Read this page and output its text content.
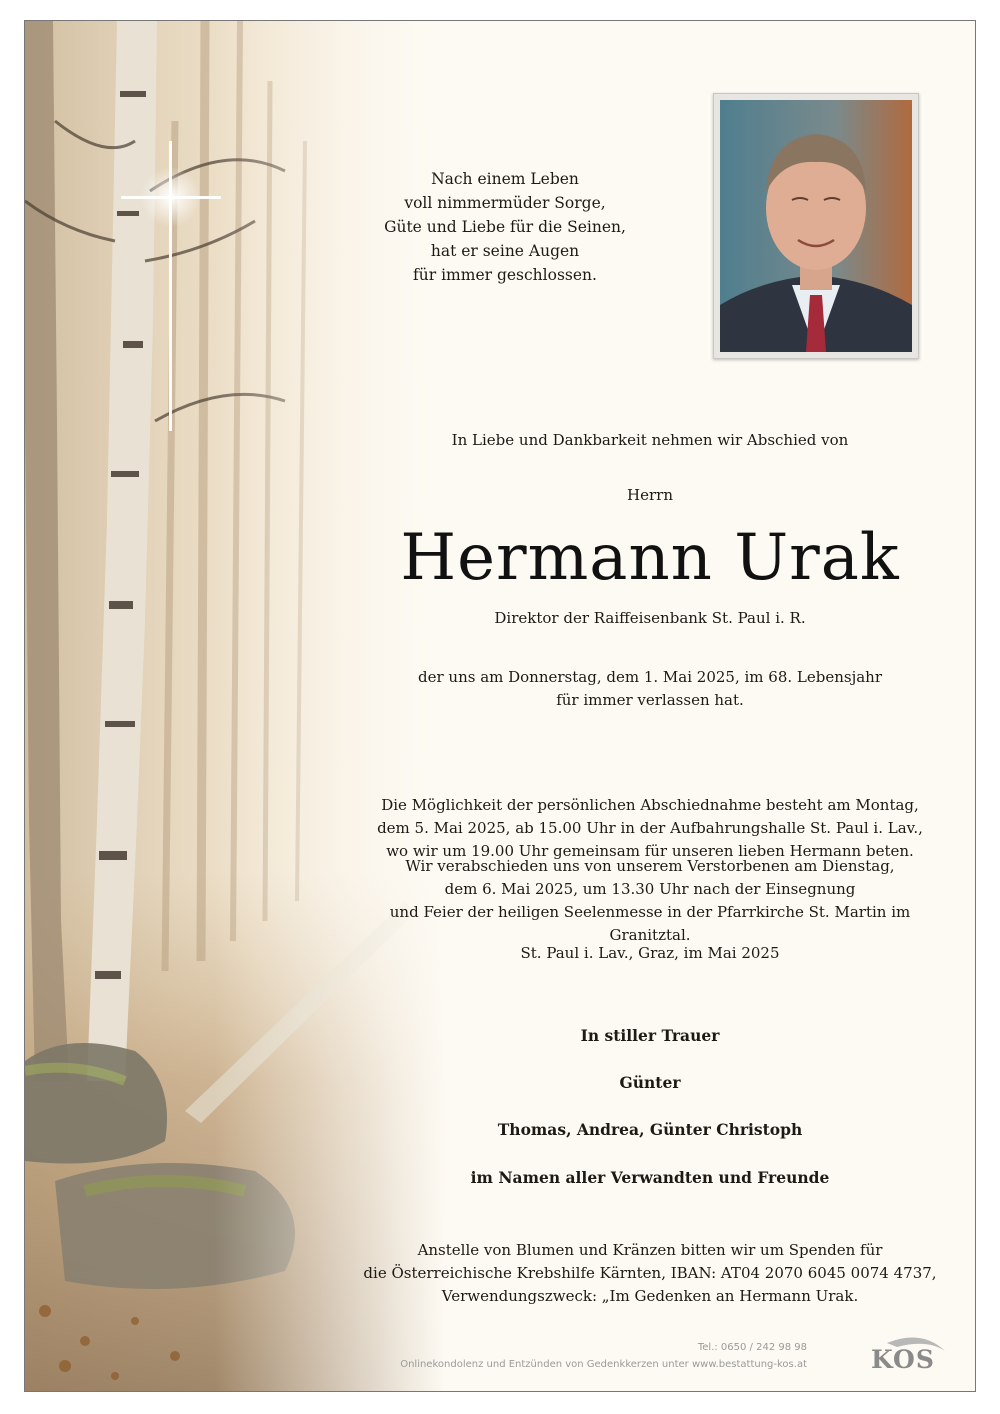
Nach einem Leben
voll nimmermüder Sorge,
Güte und Liebe für die Seinen,
hat er seine Augen
für immer geschlossen.
In Liebe und Dankbarkeit nehmen wir Abschied von
Herrn
Hermann Urak
Direktor der Raiffeisenbank St. Paul i. R.
der uns am Donnerstag, dem 1. Mai 2025, im 68. Lebensjahr
für immer verlassen hat.
Die Möglichkeit der persönlichen Abschiednahme besteht am Montag,
dem 5. Mai 2025, ab 15.00 Uhr in der Aufbahrungshalle St. Paul i. Lav.,
wo wir um 19.00 Uhr gemeinsam für unseren lieben Hermann beten.
Wir verabschieden uns von unserem Verstorbenen am Dienstag,
dem 6. Mai 2025, um 13.30 Uhr nach der Einsegnung
und Feier der heiligen Seelenmesse in der Pfarrkirche St. Martin im Granitztal.
St. Paul i. Lav., Graz, im Mai 2025
In stiller Trauer
Günter
Thomas, Andrea, Günter Christoph
im Namen aller Verwandten und Freunde
Anstelle von Blumen und Kränzen bitten wir um Spenden für
die Österreichische Krebshilfe Kärnten, IBAN: AT04 2070 6045 0074 4737,
Verwendungszweck: „Im Gedenken an Hermann Urak.
Tel.: 0650 / 242 98 98
Onlinekondolenz und Entzünden von Gedenkkerzen unter www.bestattung-kos.at	KOS
